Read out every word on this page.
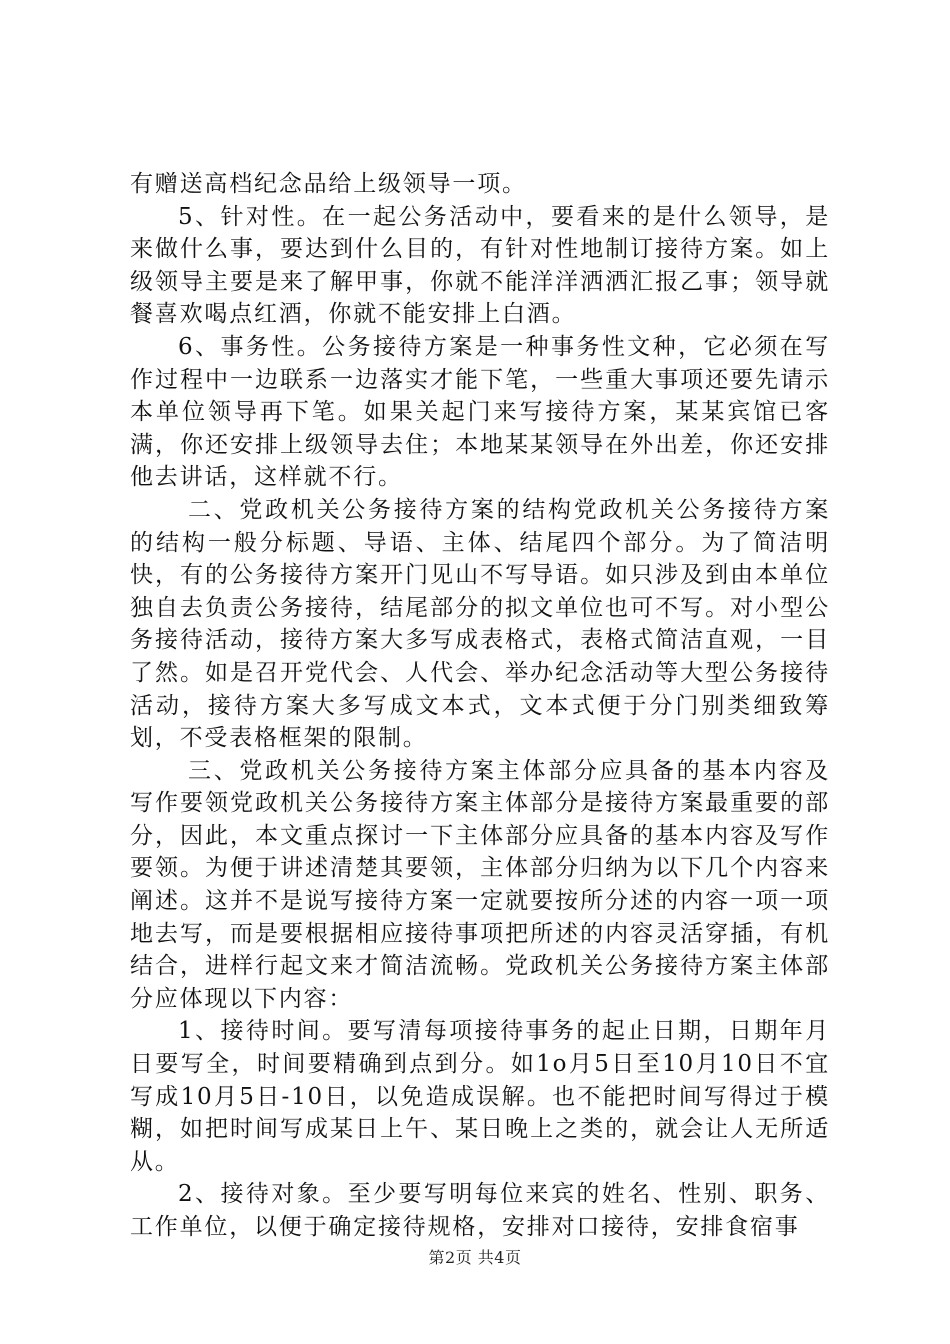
有赠送高档纪念品给上级领导一项。

5、针对性。在一起公务活动中，要看来的是什么领导，是来做什么事，要达到什么目的，有针对性地制订接待方案。如上级领导主要是来了解甲事，你就不能洋洋洒洒汇报乙事；领导就餐喜欢喝点红酒，你就不能安排上白酒。

6、事务性。公务接待方案是一种事务性文种，它必须在写作过程中一边联系一边落实才能下笔，一些重大事项还要先请示本单位领导再下笔。如果关起门来写接待方案，某某宾馆已客满，你还安排上级领导去住；本地某某领导在外出差，你还安排他去讲话，这样就不行。

二、党政机关公务接待方案的结构党政机关公务接待方案的结构一般分标题、导语、主体、结尾四个部分。为了简洁明快，有的公务接待方案开门见山不写导语。如只涉及到由本单位独自去负责公务接待，结尾部分的拟文单位也可不写。对小型公务接待活动，接待方案大多写成表格式，表格式简洁直观，一目了然。如是召开党代会、人代会、举办纪念活动等大型公务接待活动，接待方案大多写成文本式，文本式便于分门别类细致筹划，不受表格框架的限制。

三、党政机关公务接待方案主体部分应具备的基本内容及写作要领党政机关公务接待方案主体部分是接待方案最重要的部分，因此，本文重点探讨一下主体部分应具备的基本内容及写作要领。为便于讲述清楚其要领，主体部分归纳为以下几个内容来阐述。这并不是说写接待方案一定就要按所分述的内容一项一项地去写，而是要根据相应接待事项把所述的内容灵活穿插，有机结合，进样行起文来才简洁流畅。党政机关公务接待方案主体部分应体现以下内容：

1、接待时间。要写清每项接待事务的起止日期，日期年月日要写全，时间要精确到点到分。如1o月5日至10月10日不宜写成10月5日-10日，以免造成误解。也不能把时间写得过于模糊，如把时间写成某日上午、某日晚上之类的，就会让人无所适从。

2、接待对象。至少要写明每位来宾的姓名、性别、职务、工作单位，以便于确定接待规格，安排对口接待，安排食宿事

第2页 共4页
